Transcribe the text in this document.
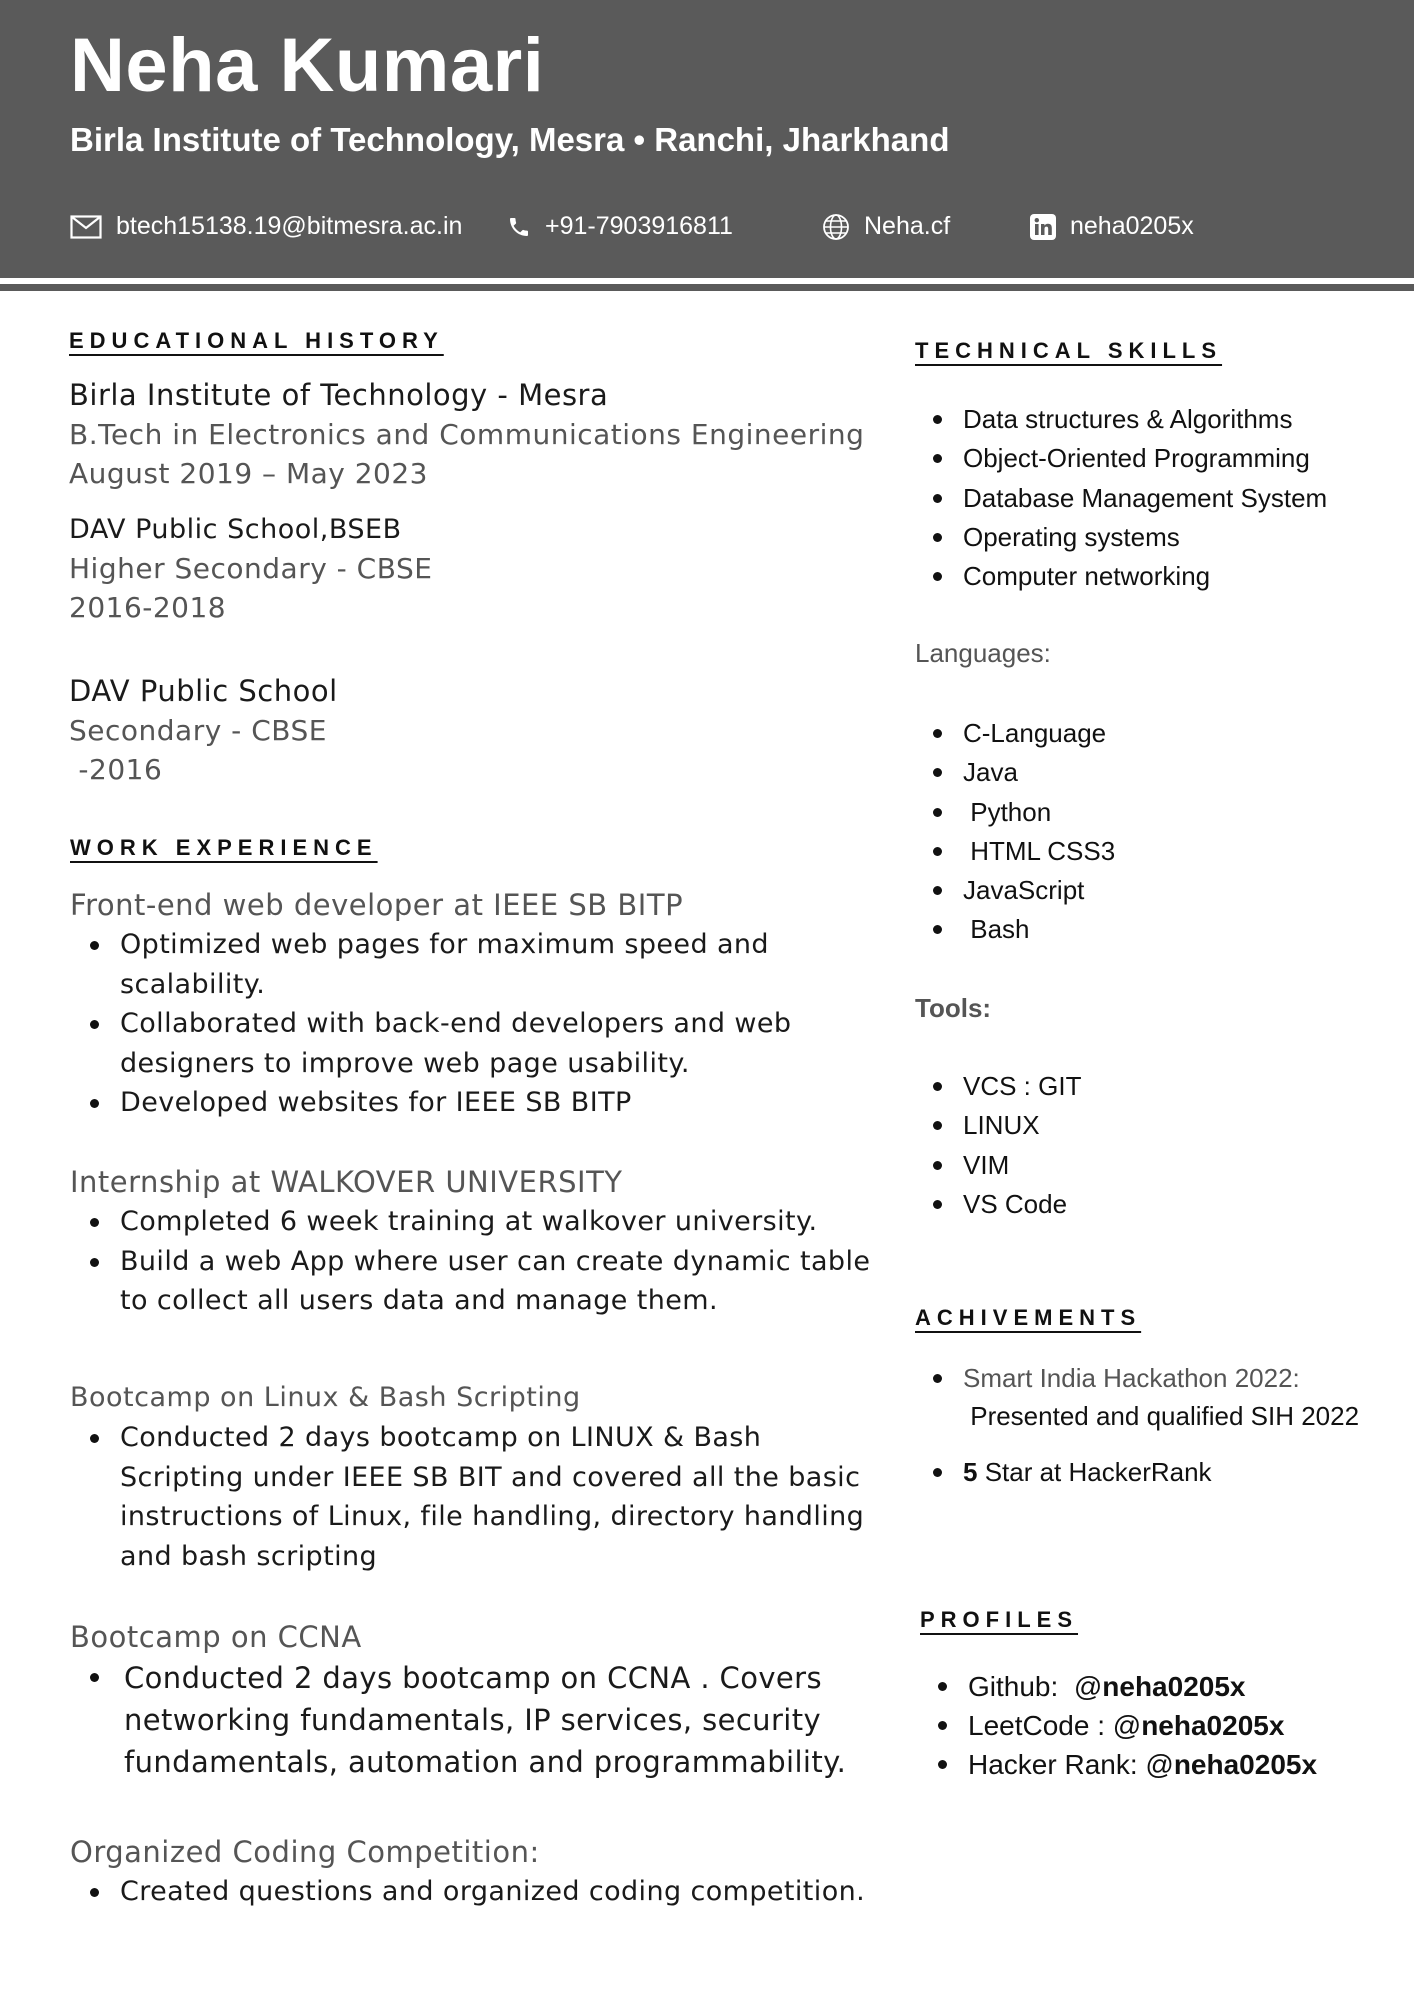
Neha Kumari
Birla Institute of Technology, Mesra • Ranchi, Jharkhand
btech15138.19@bitmesra.ac.in	+91-7903916811	Neha.cf	neha0205x
EDUCATIONAL HISTORY
Birla Institute of Technology - Mesra
B.Tech in Electronics and Communications Engineering
August 2019 – May 2023
DAV Public School,BSEB
Higher Secondary - CBSE
2016-2018
DAV Public School
Secondary - CBSE
-2016
WORK EXPERIENCE
Front-end web developer at IEEE SB BITP
Optimized web pages for maximum speed and scalability.
Collaborated with back-end developers and web designers to improve web page usability.
Developed websites for IEEE SB BITP
Internship at WALKOVER UNIVERSITY
Completed 6 week training at walkover university.
Build a web App where user can create dynamic table to collect all users data and manage them.
Bootcamp on Linux & Bash Scripting
Conducted 2 days bootcamp on LINUX & Bash Scripting under IEEE SB BIT and covered all the basic instructions of Linux, file handling, directory handling and bash scripting
Bootcamp on CCNA
Conducted 2 days bootcamp on CCNA . Covers networking fundamentals, IP services, security fundamentals, automation and programmability.
Organized Coding Competition:
Created questions and organized coding competition.
TECHNICAL SKILLS
Data structures & Algorithms
Object-Oriented Programming
Database Management System
Operating systems
Computer networking
Languages:
C-Language
Java
Python
HTML CSS3
JavaScript
Bash
Tools:
VCS : GIT
LINUX
VIM
VS Code
ACHIVEMENTS
Smart India Hackathon 2022:
Presented and qualified SIH 2022
5 Star at HackerRank
PROFILES
Github:  @neha0205x
LeetCode : @neha0205x
Hacker Rank: @neha0205x
